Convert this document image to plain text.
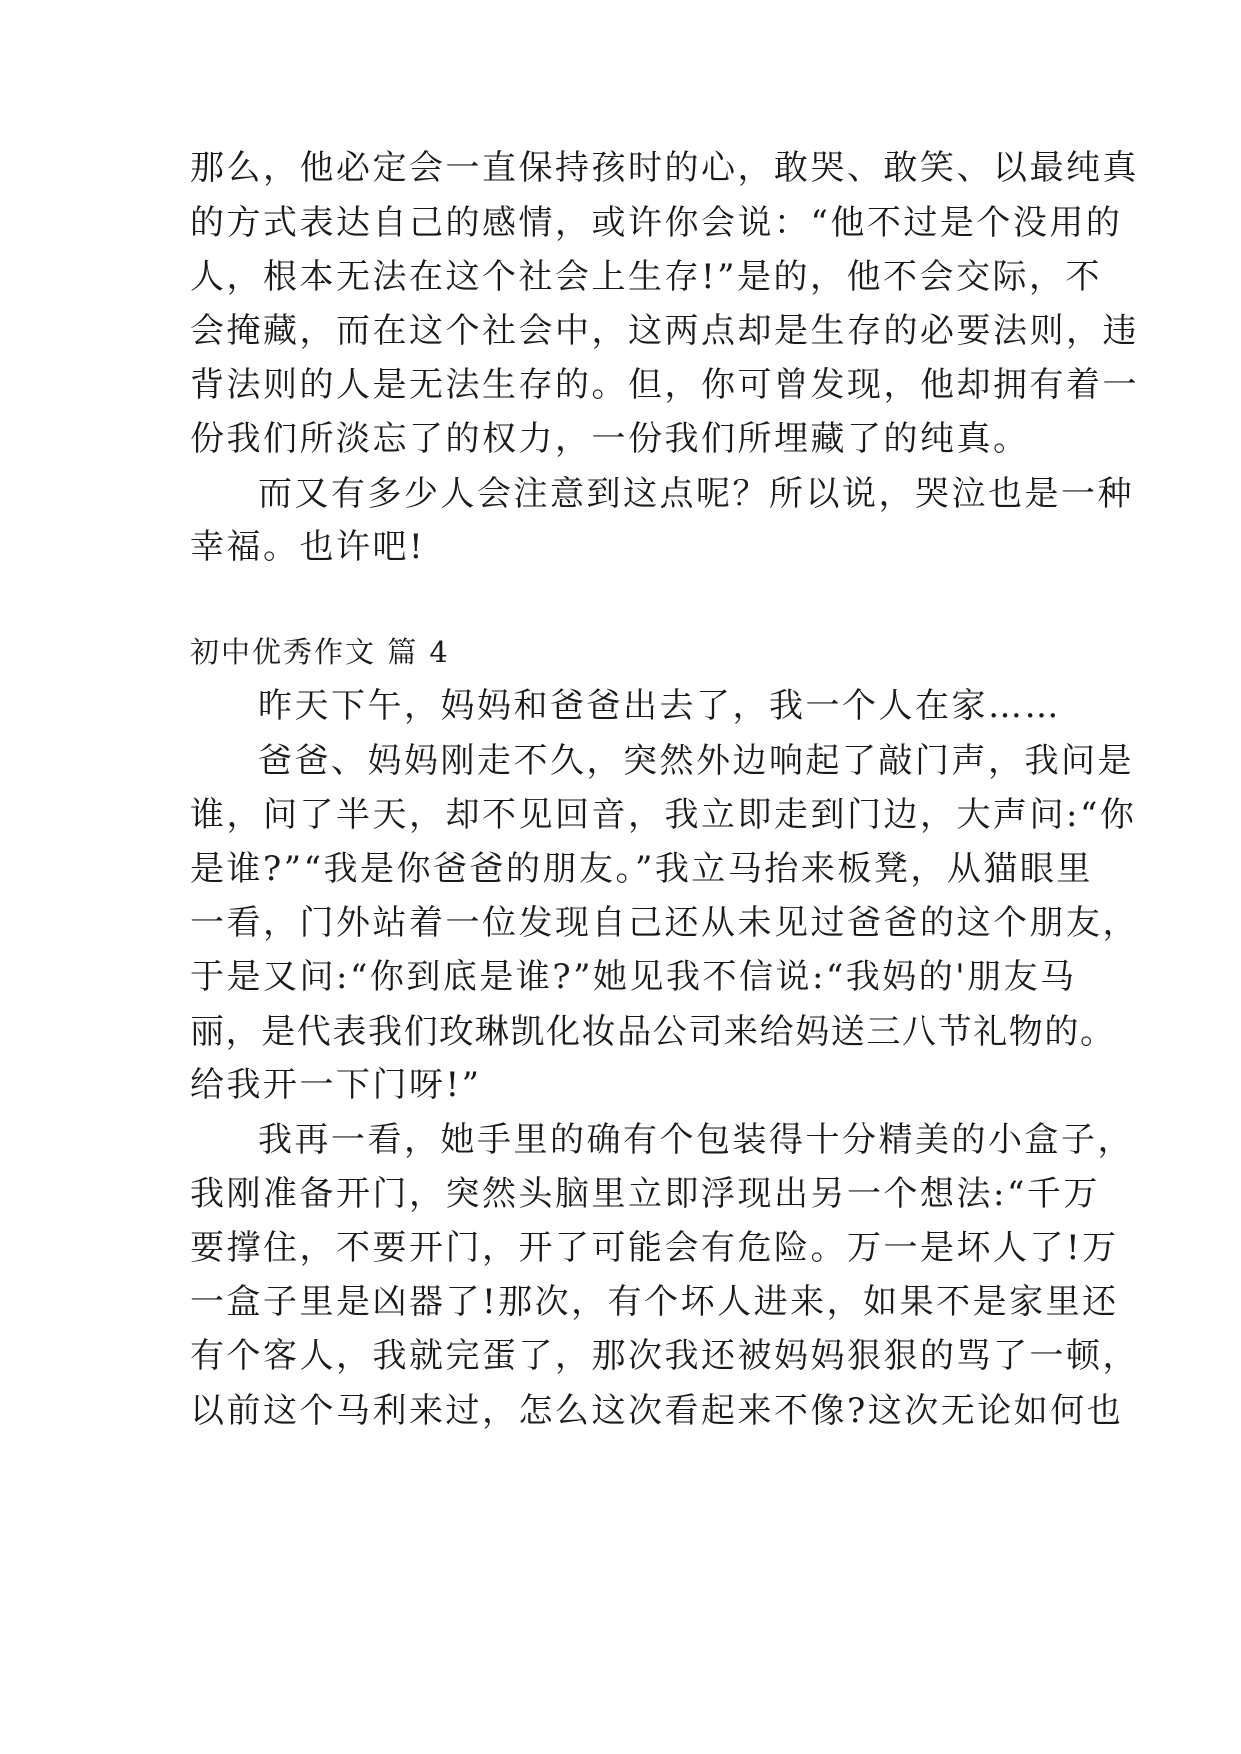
那么，他必定会一直保持孩时的心，敢哭、敢笑、以最纯真

的方式表达自己的感情，或许你会说：“他不过是个没用的

人，根本无法在这个社会上生存!”是的，他不会交际，不

会掩藏，而在这个社会中，这两点却是生存的必要法则，违

背法则的人是无法生存的。但，你可曾发现，他却拥有着一

份我们所淡忘了的权力，一份我们所埋藏了的纯真。

而又有多少人会注意到这点呢？所以说，哭泣也是一种

幸福。也许吧!

初中优秀作文 篇 4

昨天下午，妈妈和爸爸出去了，我一个人在家……

爸爸、妈妈刚走不久，突然外边响起了敲门声，我问是

谁，问了半天，却不见回音，我立即走到门边，大声问:“你

是谁?”“我是你爸爸的朋友。”我立马抬来板凳，从猫眼里

一看，门外站着一位发现自己还从未见过爸爸的这个朋友，

于是又问:“你到底是谁?”她见我不信说:“我妈的'朋友马

丽，是代表我们玫琳凯化妆品公司来给妈送三八节礼物的。

给我开一下门呀!”

我再一看，她手里的确有个包装得十分精美的小盒子，

我刚准备开门，突然头脑里立即浮现出另一个想法:“千万

要撑住，不要开门，开了可能会有危险。万一是坏人了!万

一盒子里是凶器了!那次，有个坏人进来，如果不是家里还

有个客人，我就完蛋了，那次我还被妈妈狠狠的骂了一顿，

以前这个马利来过，怎么这次看起来不像?这次无论如何也
